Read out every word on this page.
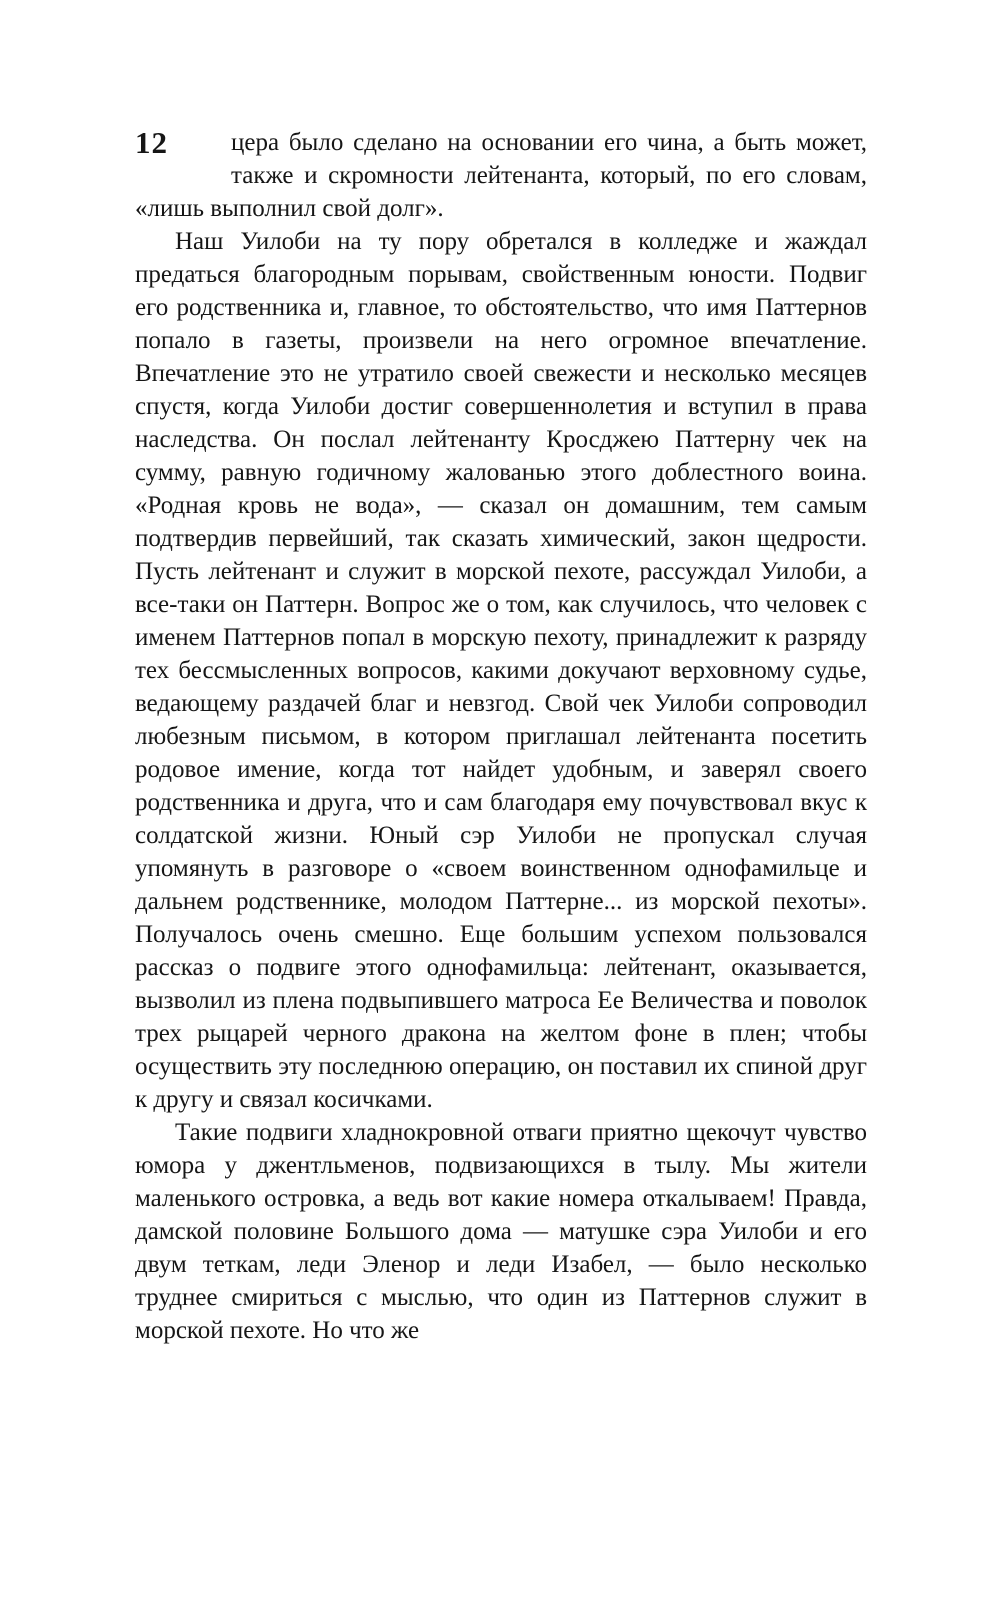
12	цера было сделано на основании его чина, а быть может, также и скромности лейтенанта, который, по его словам, «лишь выполнил свой долг».

Наш Уилоби на ту пору обретался в колледже и жаждал предаться благородным порывам, свойственным юности. Подвиг его родственника и, главное, то обстоятельство, что имя Паттернов попало в газеты, произвели на него огромное впечатление. Впечатление это не утратило своей свежести и несколько месяцев спустя, когда Уилоби достиг совершеннолетия и вступил в права наследства. Он послал лейтенанту Кросджею Паттерну чек на сумму, равную годичному жалованью этого доблестного воина. «Родная кровь не вода», — сказал он домашним, тем самым подтвердив первейший, так сказать химический, закон щедрости. Пусть лейтенант и служит в морской пехоте, рассуждал Уилоби, а все-таки он Паттерн. Вопрос же о том, как случилось, что человек с именем Паттернов попал в морскую пехоту, принадлежит к разряду тех бессмысленных вопросов, какими докучают верховному судье, ведающему раздачей благ и невзгод. Свой чек Уилоби сопроводил любезным письмом, в котором приглашал лейтенанта посетить родовое имение, когда тот найдет удобным, и заверял своего родственника и друга, что и сам благодаря ему почувствовал вкус к солдатской жизни. Юный сэр Уилоби не пропускал случая упомянуть в разговоре о «своем воинственном однофамильце и дальнем родственнике, молодом Паттерне... из морской пехоты». Получалось очень смешно. Еще большим успехом пользовался рассказ о подвиге этого однофамильца: лейтенант, оказывается, вызволил из плена подвыпившего матроса Ее Величества и поволок трех рыцарей черного дракона на желтом фоне в плен; чтобы осуществить эту последнюю операцию, он поставил их спиной друг к другу и связал косичками.

Такие подвиги хладнокровной отваги приятно щекочут чувство юмора у джентльменов, подвизающихся в тылу. Мы жители маленького островка, а ведь вот какие номера откалываем! Правда, дамской половине Большого дома — матушке сэра Уилоби и его двум теткам, леди Эленор и леди Изабел, — было несколько труднее смириться с мыслью, что один из Паттернов служит в морской пехоте. Но что же
